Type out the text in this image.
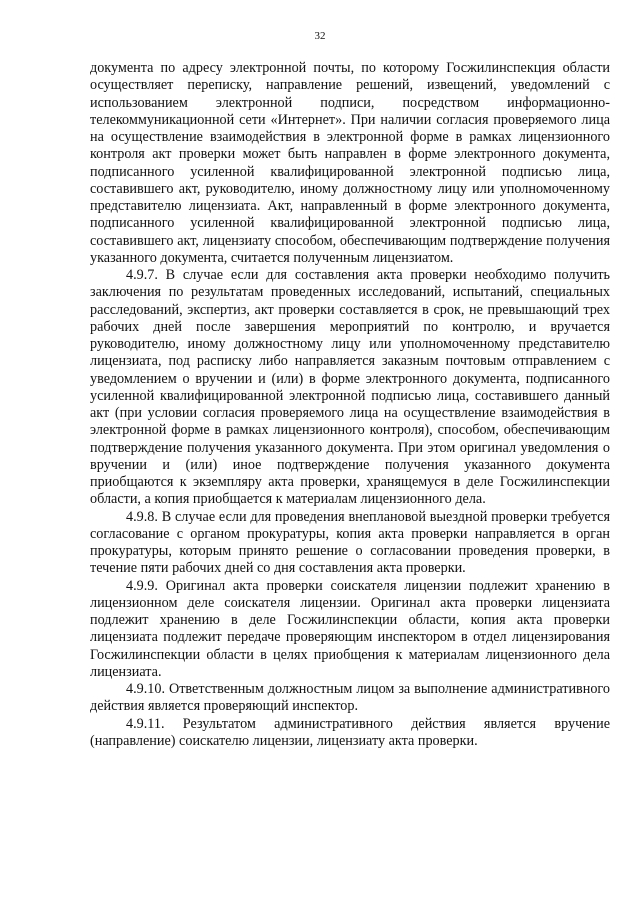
32

документа по адресу электронной почты, по которому Госжилинспекция области осуществляет переписку, направление решений, извещений, уведомлений с использованием электронной подписи, посредством информационно-телекоммуникационной сети «Интернет». При наличии согласия проверяемого лица на осуществление взаимодействия в электронной форме в рамках лицензионного контроля акт проверки может быть направлен в форме электронного документа, подписанного усиленной квалифицированной электронной подписью лица, составившего акт, руководителю, иному должностному лицу или уполномоченному представителю лицензиата. Акт, направленный в форме электронного документа, подписанного усиленной квалифицированной электронной подписью лица, составившего акт, лицензиату способом, обеспечивающим подтверждение получения указанного документа, считается полученным лицензиатом.

4.9.7. В случае если для составления акта проверки необходимо получить заключения по результатам проведенных исследований, испытаний, специальных расследований, экспертиз, акт проверки составляется в срок, не превышающий трех рабочих дней после завершения мероприятий по контролю, и вручается руководителю, иному должностному лицу или уполномоченному представителю лицензиата, под расписку либо направляется заказным почтовым отправлением с уведомлением о вручении и (или) в форме электронного документа, подписанного усиленной квалифицированной электронной подписью лица, составившего данный акт (при условии согласия проверяемого лица на осуществление взаимодействия в электронной форме в рамках лицензионного контроля), способом, обеспечивающим подтверждение получения указанного документа. При этом оригинал уведомления о вручении и (или) иное подтверждение получения указанного документа приобщаются к экземпляру акта проверки, хранящемуся в деле Госжилинспекции области, а копия приобщается к материалам лицензионного дела.

4.9.8. В случае если для проведения внеплановой выездной проверки требуется согласование с органом прокуратуры, копия акта проверки направляется в орган прокуратуры, которым принято решение о согласовании проведения проверки, в течение пяти рабочих дней со дня составления акта проверки.

4.9.9. Оригинал акта проверки соискателя лицензии подлежит хранению в лицензионном деле соискателя лицензии. Оригинал акта проверки лицензиата подлежит хранению в деле Госжилинспекции области, копия акта проверки лицензиата подлежит передаче проверяющим инспектором в отдел лицензирования Госжилинспекции области в целях приобщения к материалам лицензионного дела лицензиата.

4.9.10. Ответственным должностным лицом за выполнение административного действия является проверяющий инспектор.

4.9.11. Результатом административного действия является вручение (направление) соискателю лицензии, лицензиату акта проверки.
